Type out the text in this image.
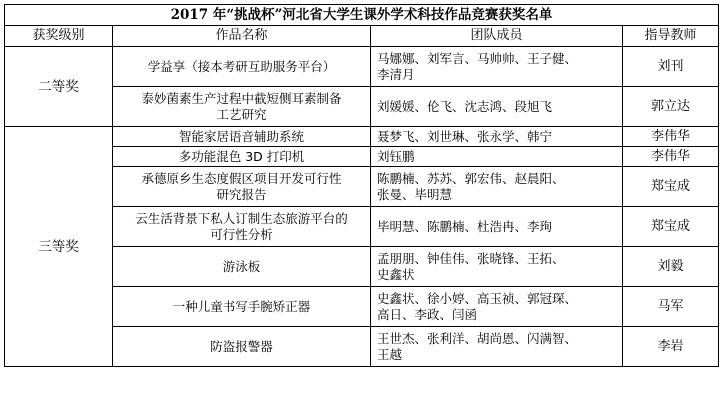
2017 年“挑战杯”河北省大学生课外学术科技作品竞赛获奖名单			
获奖级别	作品名称	团队成员	指导教师
二等奖	学益享（接本考研互助服务平台）	马娜娜、刘军言、马帅帅、王子健、
李清月	刘刊
	泰妙菌素生产过程中截短侧耳素制备
工艺研究	刘媛媛、伦飞、沈志鸿、段旭飞	郭立达
三等奖	智能家居语音辅助系统	聂梦飞、刘世琳、张永学、韩宁	李伟华
	多功能混色 3D 打印机	刘钰鹏	李伟华
	承德原乡生态度假区项目开发可行性
研究报告	陈鹏楠、苏苏、郭宏伟、赵晨阳、
张曼、毕明慧	郑宝成
	云生活背景下私人订制生态旅游平台的
可行性分析	毕明慧、陈鹏楠、杜浩冉、李珣	郑宝成
	游泳板	孟朋朋、钟佳伟、张晓锋、王拓、
史鑫状	刘毅
	一种儿童书写手腕矫正器	史鑫状、徐小婷、高玉祯、郭冠琛、
高日、李政、闫函	马军
	防盗报警器	王世杰、张利洋、胡尚恩、闪满智、
王越	李岩
